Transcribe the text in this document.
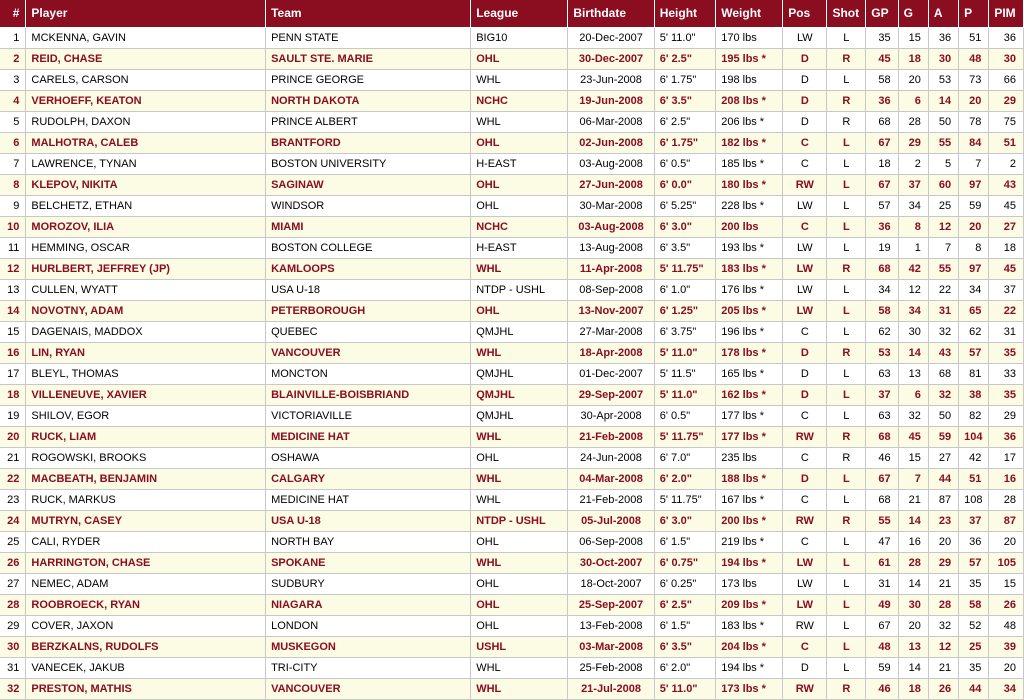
#	Player	Team	League	Birthdate	Height	Weight	Pos	Shot	GP	G	A	P	PIM
1	MCKENNA, GAVIN	PENN STATE	BIG10	20-Dec-2007	5' 11.0"	170 lbs	LW	L	35	15	36	51	36
2	REID, CHASE	SAULT STE. MARIE	OHL	30-Dec-2007	6' 2.5"	195 lbs *	D	R	45	18	30	48	30
3	CARELS, CARSON	PRINCE GEORGE	WHL	23-Jun-2008	6' 1.75"	198 lbs	D	L	58	20	53	73	66
4	VERHOEFF, KEATON	NORTH DAKOTA	NCHC	19-Jun-2008	6' 3.5"	208 lbs *	D	R	36	6	14	20	29
5	RUDOLPH, DAXON	PRINCE ALBERT	WHL	06-Mar-2008	6' 2.5"	206 lbs *	D	R	68	28	50	78	75
6	MALHOTRA, CALEB	BRANTFORD	OHL	02-Jun-2008	6' 1.75"	182 lbs *	C	L	67	29	55	84	51
7	LAWRENCE, TYNAN	BOSTON UNIVERSITY	H-EAST	03-Aug-2008	6' 0.5"	185 lbs *	C	L	18	2	5	7	2
8	KLEPOV, NIKITA	SAGINAW	OHL	27-Jun-2008	6' 0.0"	180 lbs *	RW	L	67	37	60	97	43
9	BELCHETZ, ETHAN	WINDSOR	OHL	30-Mar-2008	6' 5.25"	228 lbs *	LW	L	57	34	25	59	45
10	MOROZOV, ILIA	MIAMI	NCHC	03-Aug-2008	6' 3.0"	200 lbs	C	L	36	8	12	20	27
11	HEMMING, OSCAR	BOSTON COLLEGE	H-EAST	13-Aug-2008	6' 3.5"	193 lbs *	LW	L	19	1	7	8	18
12	HURLBERT, JEFFREY (JP)	KAMLOOPS	WHL	11-Apr-2008	5' 11.75"	183 lbs *	LW	R	68	42	55	97	45
13	CULLEN, WYATT	USA U-18	NTDP - USHL	08-Sep-2008	6' 1.0"	176 lbs *	LW	L	34	12	22	34	37
14	NOVOTNY, ADAM	PETERBOROUGH	OHL	13-Nov-2007	6' 1.25"	205 lbs *	LW	L	58	34	31	65	22
15	DAGENAIS, MADDOX	QUEBEC	QMJHL	27-Mar-2008	6' 3.75"	196 lbs *	C	L	62	30	32	62	31
16	LIN, RYAN	VANCOUVER	WHL	18-Apr-2008	5' 11.0"	178 lbs *	D	R	53	14	43	57	35
17	BLEYL, THOMAS	MONCTON	QMJHL	01-Dec-2007	5' 11.5"	165 lbs *	D	L	63	13	68	81	33
18	VILLENEUVE, XAVIER	BLAINVILLE-BOISBRIAND	QMJHL	29-Sep-2007	5' 11.0"	162 lbs *	D	L	37	6	32	38	35
19	SHILOV, EGOR	VICTORIAVILLE	QMJHL	30-Apr-2008	6' 0.5"	177 lbs *	C	L	63	32	50	82	29
20	RUCK, LIAM	MEDICINE HAT	WHL	21-Feb-2008	5' 11.75"	177 lbs *	RW	R	68	45	59	104	36
21	ROGOWSKI, BROOKS	OSHAWA	OHL	24-Jun-2008	6' 7.0"	235 lbs	C	R	46	15	27	42	17
22	MACBEATH, BENJAMIN	CALGARY	WHL	04-Mar-2008	6' 2.0"	188 lbs *	D	L	67	7	44	51	16
23	RUCK, MARKUS	MEDICINE HAT	WHL	21-Feb-2008	5' 11.75"	167 lbs *	C	L	68	21	87	108	28
24	MUTRYN, CASEY	USA U-18	NTDP - USHL	05-Jul-2008	6' 3.0"	200 lbs *	RW	R	55	14	23	37	87
25	CALI, RYDER	NORTH BAY	OHL	06-Sep-2008	6' 1.5"	219 lbs *	C	L	47	16	20	36	20
26	HARRINGTON, CHASE	SPOKANE	WHL	30-Oct-2007	6' 0.75"	194 lbs *	LW	L	61	28	29	57	105
27	NEMEC, ADAM	SUDBURY	OHL	18-Oct-2007	6' 0.25"	173 lbs	LW	L	31	14	21	35	15
28	ROOBROECK, RYAN	NIAGARA	OHL	25-Sep-2007	6' 2.5"	209 lbs *	LW	L	49	30	28	58	26
29	COVER, JAXON	LONDON	OHL	13-Feb-2008	6' 1.5"	183 lbs *	RW	L	67	20	32	52	48
30	BERZKALNS, RUDOLFS	MUSKEGON	USHL	03-Mar-2008	6' 3.5"	204 lbs *	C	L	48	13	12	25	39
31	VANECEK, JAKUB	TRI-CITY	WHL	25-Feb-2008	6' 2.0"	194 lbs *	D	L	59	14	21	35	20
32	PRESTON, MATHIS	VANCOUVER	WHL	21-Jul-2008	5' 11.0"	173 lbs *	RW	R	46	18	26	44	34
